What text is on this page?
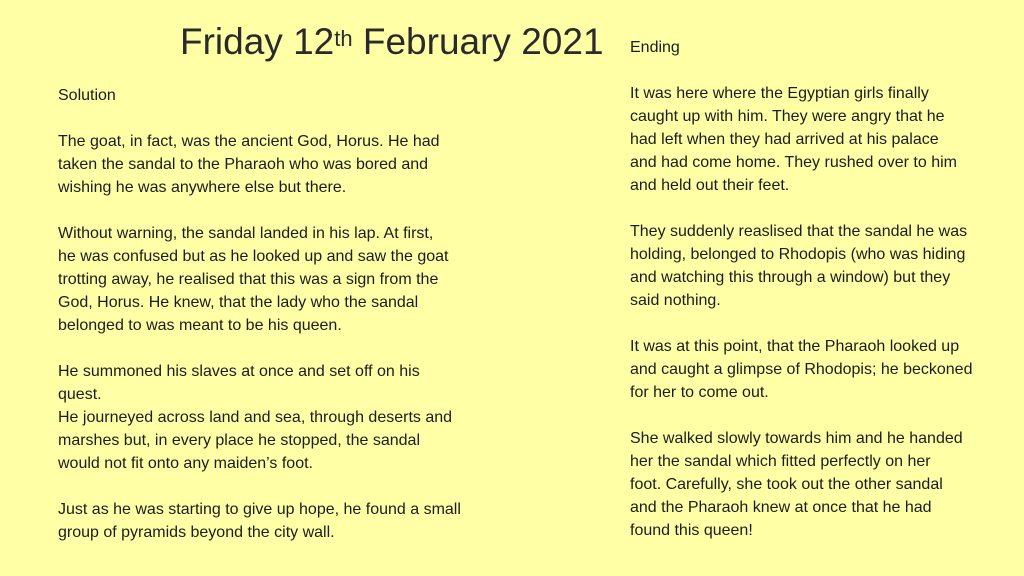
Friday 12th February 2021

Solution

The goat, in fact, was the ancient God, Horus. He had

taken the sandal to the Pharaoh who was bored and

wishing he was anywhere else but there.

Without warning, the sandal landed in his lap. At first,

he was confused but as he looked up and saw the goat

trotting away, he realised that this was a sign from the

God, Horus. He knew, that the lady who the sandal

belonged to was meant to be his queen.

He summoned his slaves at once and set off on his

quest.

He journeyed across land and sea, through deserts and

marshes but, in every place he stopped, the sandal

would not fit onto any maiden’s foot.

Just as he was starting to give up hope, he found a small

group of pyramids beyond the city wall.

Ending

It was here where the Egyptian girls finally

caught up with him. They were angry that he

had left when they had arrived at his palace

and had come home. They rushed over to him

and held out their feet.

They suddenly reaslised that the sandal he was

holding, belonged to Rhodopis (who was hiding

and watching this through a window) but they

said nothing.

It was at this point, that the Pharaoh looked up

and caught a glimpse of Rhodopis; he beckoned

for her to come out.

She walked slowly towards him and he handed

her the sandal which fitted perfectly on her

foot. Carefully, she took out the other sandal

and the Pharaoh knew at once that he had

found this queen!
